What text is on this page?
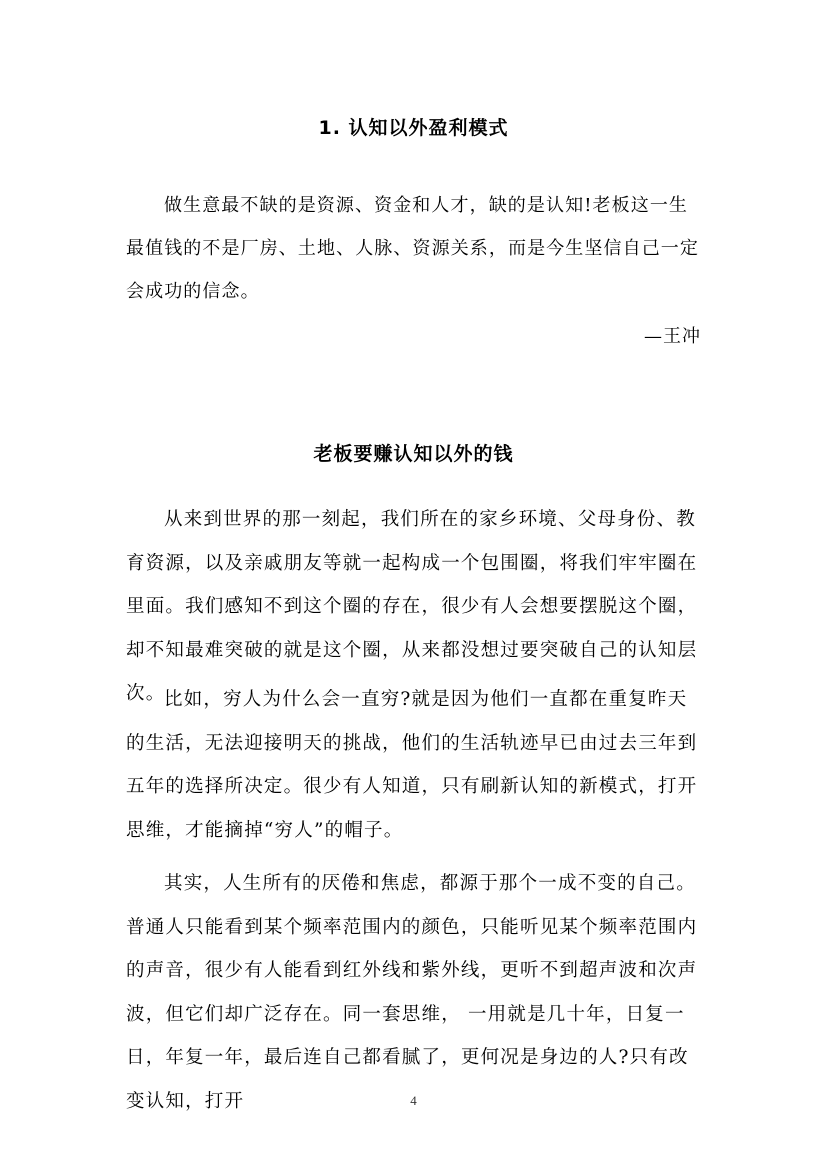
1. 认知以外盈利模式

做生意最不缺的是资源、资金和人才，缺的是认知!老板这一生最值钱的不是厂房、土地、人脉、资源关系，而是今生坚信自己一定会成功的信念。

—王冲
老板要赚认知以外的钱

从来到世界的那一刻起，我们所在的家乡环境、父母身份、教育资源，以及亲戚朋友等就一起构成一个包围圈，将我们牢牢圈在里面。我们感知不到这个圈的存在，很少有人会想要摆脱这个圈，却不知最难突破的就是这个圈，从来都没想过要突破自己的认知层次。

比如，穷人为什么会一直穷?就是因为他们一直都在重复昨天的生活，无法迎接明天的挑战，他们的生活轨迹早已由过去三年到五年的选择所决定。很少有人知道，只有刷新认知的新模式，打开思维，才能摘掉“穷人”的帽子。

其实，人生所有的厌倦和焦虑，都源于那个一成不变的自己。普通人只能看到某个频率范围内的颜色，只能听见某个频率范围内的声音，很少有人能看到红外线和紫外线，更听不到超声波和次声波，但它们却广泛存在。同一套思维， 一用就是几十年，日复一日，年复一年，最后连自己都看腻了，更何况是身边的人?只有改变认知，打开	4
